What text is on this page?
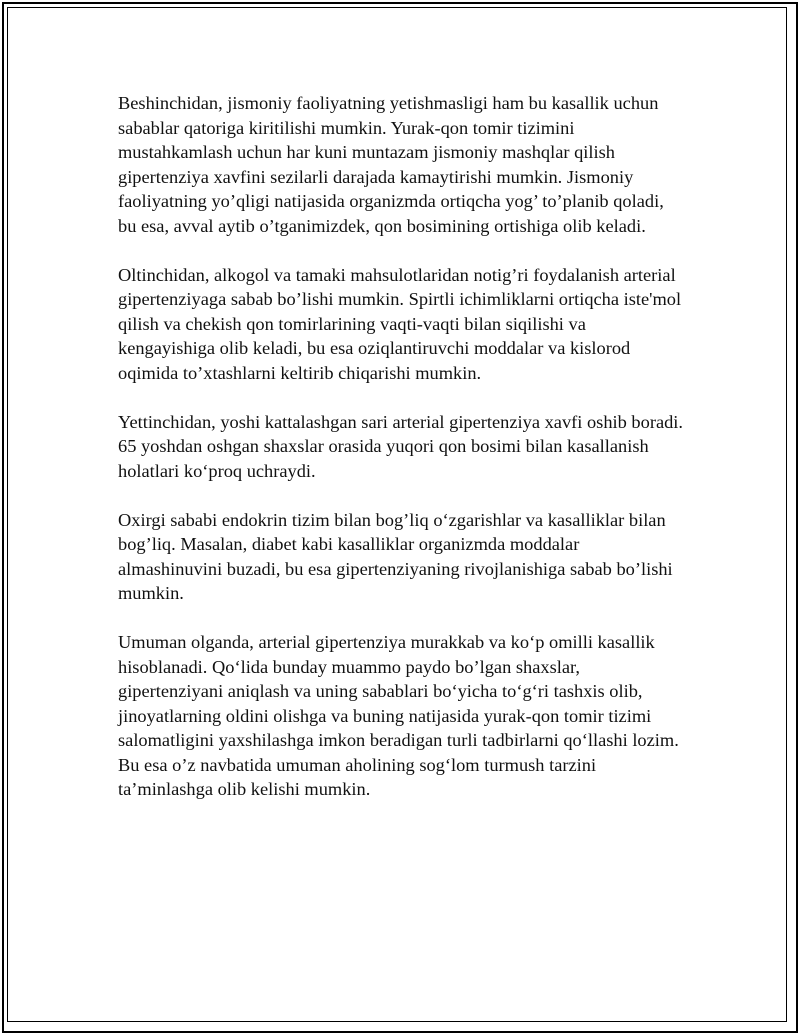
Beshinchidan, jismoniy faoliyatning yetishmasligi ham bu kasallik uchun
sabablar qatoriga kiritilishi mumkin. Yurak-qon tomir tizimini
mustahkamlash uchun har kuni muntazam jismoniy mashqlar qilish
gipertenziya xavfini sezilarli darajada kamaytirishi mumkin. Jismoniy
faoliyatning yo’qligi natijasida organizmda ortiqcha yog’ to’planib qoladi,
bu esa, avval aytib o’tganimizdek, qon bosimining ortishiga olib keladi.

Oltinchidan, alkogol va tamaki mahsulotlaridan notig’ri foydalanish arterial
gipertenziyaga sabab bo’lishi mumkin. Spirtli ichimliklarni ortiqcha iste'mol
qilish va chekish qon tomirlarining vaqti-vaqti bilan siqilishi va
kengayishiga olib keladi, bu esa oziqlantiruvchi moddalar va kislorod
oqimida to’xtashlarni keltirib chiqarishi mumkin.

Yettinchidan, yoshi kattalashgan sari arterial gipertenziya xavfi oshib boradi.
65 yoshdan oshgan shaxslar orasida yuqori qon bosimi bilan kasallanish
holatlari ko‘proq uchraydi.

Oxirgi sababi endokrin tizim bilan bog’liq o‘zgarishlar va kasalliklar bilan
bog’liq. Masalan, diabet kabi kasalliklar organizmda moddalar
almashinuvini buzadi, bu esa gipertenziyaning rivojlanishiga sabab bo’lishi
mumkin.

Umuman olganda, arterial gipertenziya murakkab va ko‘p omilli kasallik
hisoblanadi. Qo‘lida bunday muammo paydo bo’lgan shaxslar,
gipertenziyani aniqlash va uning sabablari bo‘yicha to‘g‘ri tashxis olib,
jinoyatlarning oldini olishga va buning natijasida yurak-qon tomir tizimi
salomatligini yaxshilashga imkon beradigan turli tadbirlarni qo‘llashi lozim.
Bu esa o’z navbatida umuman aholining sog‘lom turmush tarzini
ta’minlashga olib kelishi mumkin.
